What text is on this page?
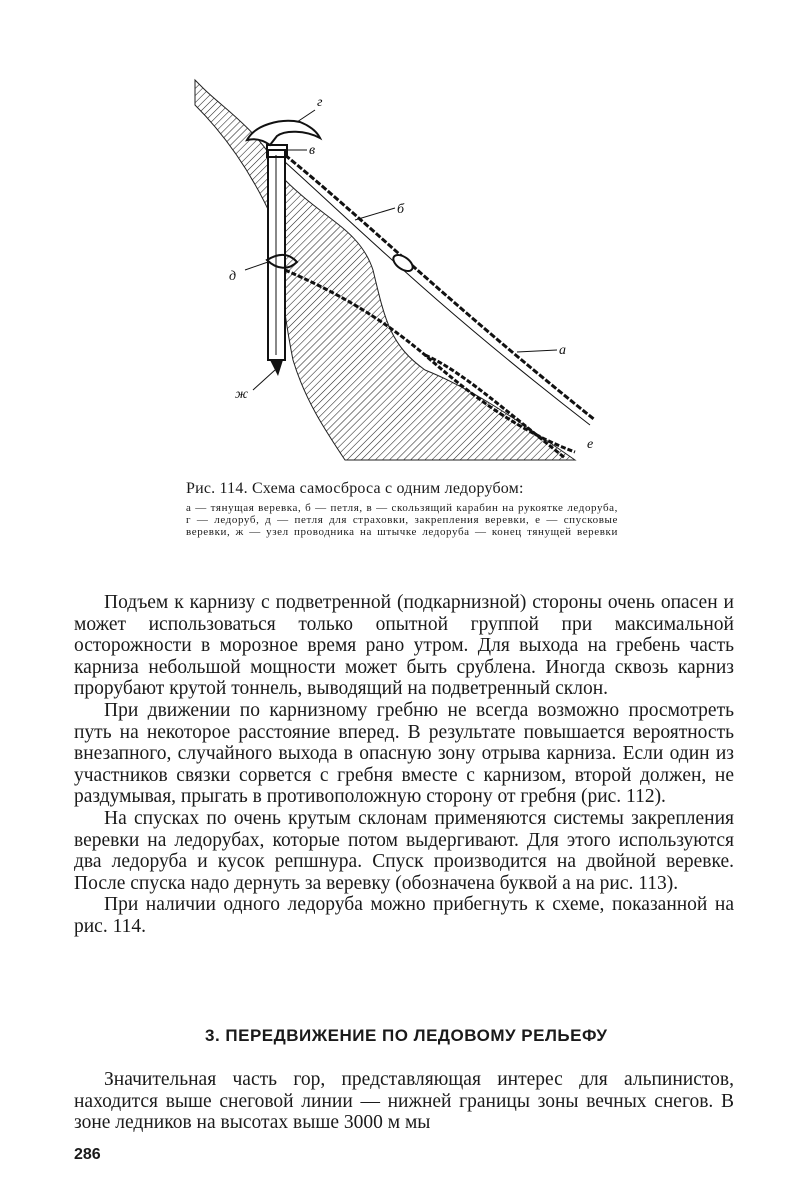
г
в
б
д
а
ж
е

Рис. 114. Схема самосброса с одним ледорубом:

а — тянущая веревка, б — петля, в — скользящий карабин на рукоятке ледоруба, г — ледоруб, д — петля для страховки, закрепления веревки, е — спусковые веревки, ж — узел проводника на штычке ледоруба — конец тянущей веревки

Подъем к карнизу с подветренной (подкарнизной) стороны очень опасен и может использоваться только опытной группой при максимальной осторожности в морозное время рано утром. Для выхода на гребень часть карниза небольшой мощности может быть срублена. Иногда сквозь карниз прорубают крутой тоннель, выводящий на подветренный склон.

При движении по карнизному гребню не всегда возможно просмотреть путь на некоторое расстояние вперед. В результате повышается вероятность внезапного, случайного выхода в опасную зону отрыва карниза. Если один из участников связки сорвется с гребня вместе с карнизом, второй должен, не раздумывая, прыгать в противоположную сторону от гребня (рис. 112).

На спусках по очень крутым склонам применяются системы закрепления веревки на ледорубах, которые потом выдергивают. Для этого используются два ледоруба и кусок репшнура. Спуск производится на двойной веревке. После спуска надо дернуть за веревку (обозначена буквой а на рис. 113).

При наличии одного ледоруба можно прибегнуть к схеме, показанной на рис. 114.

3. ПЕРЕДВИЖЕНИЕ ПО ЛЕДОВОМУ РЕЛЬЕФУ

Значительная часть гор, представляющая интерес для альпинистов, находится выше снеговой линии — нижней границы зоны вечных снегов. В зоне ледников на высотах выше 3000 м мы

286
